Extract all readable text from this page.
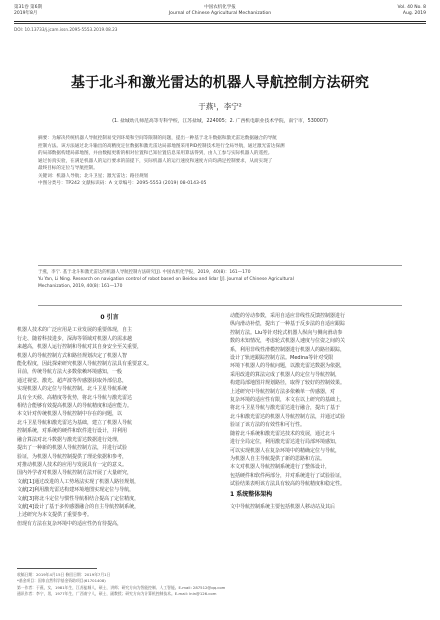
第31卷 第6期
2019年8月
中国农机化学报
Journal of Chinese Agricultural Mechanization
Vol. 40 No. 8
Aug. 2019
DOI: 10.13733/j.jcam.issn.2095-5553.2019.08.23
基于北斗和激光雷达的机器人导航控制方法研究
于燕¹，李宁²
(1. 盐城幼儿师范高等专科学校，江苏盐城，224005；2. 广西机电职业技术学院，南宁市，530007)
摘要：为解决传统机器人导航控制易受到环境和空间等限制的问题，提出一种基于北斗数据和激光雷达数据融合的导航
控制方法。该方法通过北斗输出的高精度定位数据和激光雷达局部地图采用PID控制技术进行全局导航，通过激光雷达探测
的局部数据构建局部地图，并由数据更新的相对位置和已知位置信息采用算法得到，由人工参与实际机器人的遥控。
通过仿真实验，在满足机器人的运行要求的前提下，实际机器人的运行速度和速度方向均满足控制要求，从而实现了
最终目标的定位与导航控制。
关键词：机器人导航；北斗卫星；激光雷达；路径规划
中图分类号：TP242 文献标识码：A 文章编号：2095-5553 (2019) 08-0143-05
于燕，李宁. 基于北斗和激光雷达的机器人导航控制方法研究[J]. 中国农机化学报，2019，40(8)：161—170
Yu Yan, Li Ning. Research on navigation control of robot based on Beidou and lidar [J]. Journal of Chinese Agricultural
Mechanization, 2019, 40(8): 161—170
0 引言
机器人技术的广泛应用是工业发展的重要体现，自主
行走、随着科技进步，深海等领域对机器人的需求越
来越高，机器人运行控制和导航对其自身安全至关重要，
机器人的导航控制方式和路径规划决定了机器人智
能化程度，因此探索研究机器人导航控制方法具有重要意义。
目前，传统导航方法大多数依赖环境感知，一般
通过视觉、激光、超声波等传感器获取外部信息，
实现机器人的定位与导航控制。北斗卫星导航系统
具有全天候、高精度等优势，将北斗导航与激光雷达
相结合能够有效提高机器人的导航精度和适应能力。
本文针对传统机器人导航控制中存在的问题，以
北斗卫星导航和激光雷达为基础，建立了机器人导航
控制系统，对系统的硬件和软件进行设计，并利用
融合算法对北斗数据与激光雷达数据进行处理，
提出了一种新的机器人导航控制方法，并进行试验
验证，为机器人导航控制提供了理论依据和参考，
对推动机器人技术的应用与发展具有一定的意义。
国内外学者对机器人导航控制方法开展了大量研究，
文献[1]通过改进的人工势场法实现了机器人路径规划，
文献[2]利用激光雷达构建环境地图实现定位与导航，
文献[3]将北斗定位与惯性导航相结合提高了定位精度，
文献[4]设计了基于多传感器融合的自主导航控制系统，
上述研究为本文提供了重要参考。
但现有方法在复杂环境中的适应性仍有待提高，
动能的劳动参数，采用自适应非线性反馈控制器进行
纵向滑动补偿，提出了一种基于反步法的自适应跟踪
控制方法。Liu等针对轮式机器人纵向与侧向滑动参
数的未知情况，考虑轮式机器人速度与位姿之间的关
系，利用非线性滑模控制器进行机器人的路径跟踪，
设计了轨迹跟踪控制方法。Medina等针对受限
环境下机器人的导航问题，以激光雷达数据为依据，
采用改进的算法完成了机器人的定位与导航控制，
构建局部地图并规划路径，取得了较好的控制效果。
上述研究中导航控制方法多依赖单一传感器，对
复杂环境的适应性有限，本文在以上研究的基础上，
将北斗卫星导航与激光雷达进行融合，提出了基于
北斗和激光雷达的机器人导航控制方法，并通过试验
验证了该方法的有效性和可行性。
随着北斗系统和激光雷达技术的发展，通过北斗
进行全局定位，利用激光雷达进行局部环境感知，
可以实现机器人在复杂环境中的精确定位与导航，
为机器人自主导航提供了新的思路和方法。
本文对机器人导航控制系统进行了整体设计，
包括硬件和软件两部分，并对系统进行了试验验证，
试验结果表明该方法具有较高的导航精度和稳定性。
1 系统整体架构
文中导航控制系统主要包括机器人移动站及其后
收稿日期：2019年4月15日 修回日期：2019年7月1日
*基金项目：国家自然科学基金资助项目(61701408)
第一作者：于燕，女，1981年生，江苏盐城人，硕士，讲师；研究方向为智能控制、人工智能。E-mail: 287512@qq.com
通讯作者：李宁，男，1977年生，广西南宁人，硕士，副教授；研究方向为计算机控制技术。E-mail: lnin@126.com
